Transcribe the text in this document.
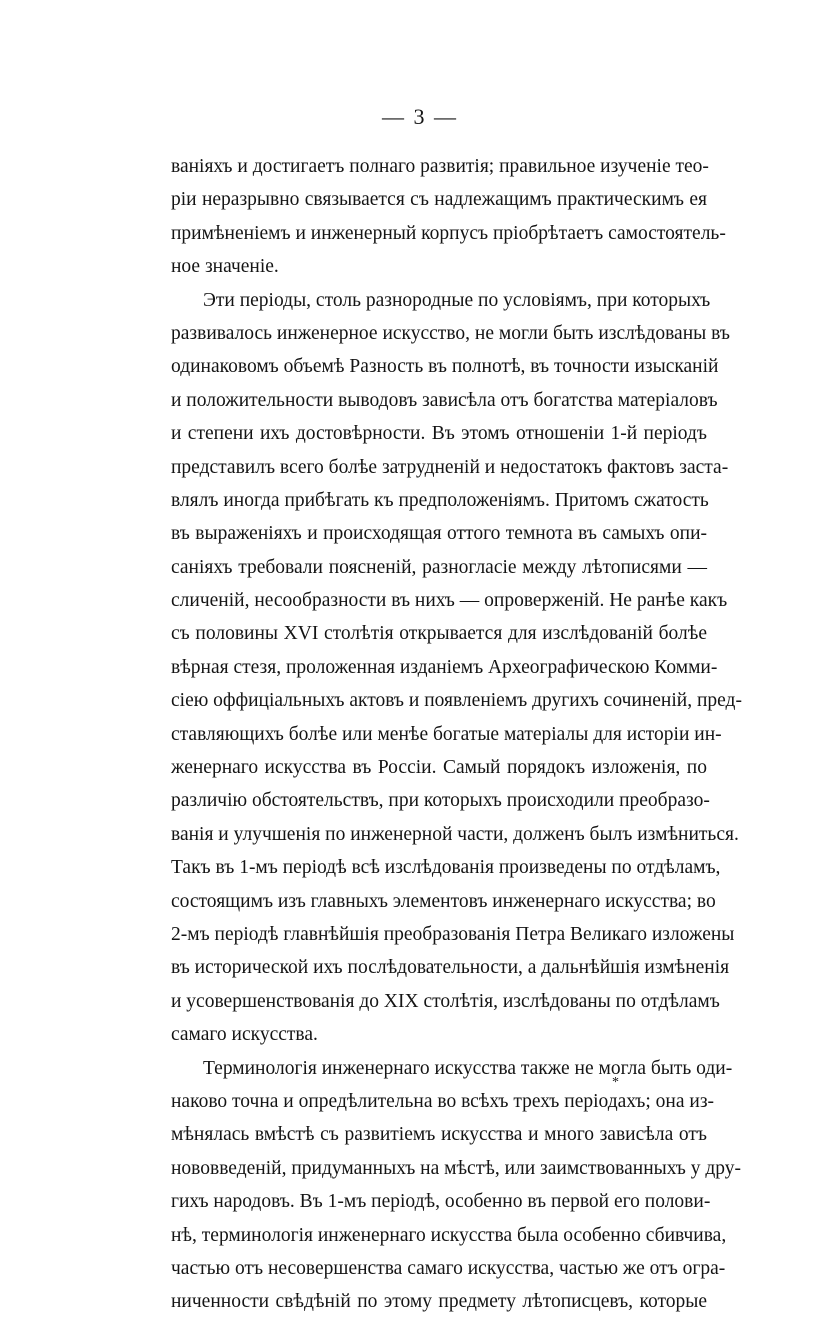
— 3 —
ваніяхъ и достигаетъ полнаго развитія; правильное изученіе тео-
ріи неразрывно связывается съ надлежащимъ практическимъ ея
примѣненіемъ и инженерный корпусъ пріобрѣтаетъ самостоятель-
ное значеніе.
Эти періоды, столь разнородные по условіямъ, при которыхъ
развивалось инженерное искусство, не могли быть изслѣдованы въ
одинаковомъ объемѣ Разность въ полнотѣ, въ точности изысканій
и положительности выводовъ зависѣла отъ богатства матеріаловъ
и степени ихъ достовѣрности. Въ этомъ отношеніи 1-й періодъ
представилъ всего болѣе затрудненій и недостатокъ фактовъ заста-
влялъ иногда прибѣгать къ предположеніямъ. Притомъ сжатость
въ выраженіяхъ и происходящая оттого темнота въ самыхъ опи-
саніяхъ требовали поясненій, разногласіе между лѣтописями —
сличеній, несообразности въ нихъ — опроверженій. Не ранѣе какъ
съ половины XVI столѣтія открывается для изслѣдованій болѣе
вѣрная стезя, проложенная изданіемъ Археографическою Комми-
сіею оффиціальныхъ актовъ и появленіемъ другихъ сочиненій, пред-
ставляющихъ болѣе или менѣе богатые матеріалы для исторіи ин-
женернаго искусства въ Россіи. Самый порядокъ изложенія, по
различію обстоятельствъ, при которыхъ происходили преобразо-
ванія и улучшенія по инженерной части, долженъ былъ измѣниться.
Такъ въ 1-мъ періодѣ всѣ изслѣдованія произведены по отдѣламъ,
состоящимъ изъ главныхъ элементовъ инженернаго искусства; во
2-мъ періодѣ главнѣйшія преобразованія Петра Великаго изложены
въ исторической ихъ послѣдовательности, а дальнѣйшія измѣненія
и усовершенствованія до XIX столѣтія, изслѣдованы по отдѣламъ
самаго искусства.
Терминологія инженернаго искусства также не могла быть оди-
наково точна и опредѣлительна во всѣхъ трехъ періодахъ; она из-
мѣнялась вмѣстѣ съ развитіемъ искусства и много зависѣла отъ
нововведеній, придуманныхъ на мѣстѣ, или заимствованныхъ у дру-
гихъ народовъ. Въ 1-мъ періодѣ, особенно въ первой его полови-
нѣ, терминологія инженернаго искусства была особенно сбивчива,
частью отъ несовершенства самаго искусства, частью же отъ огра-
ниченности свѣдѣній по этому предмету лѣтописцевъ, которые
*
